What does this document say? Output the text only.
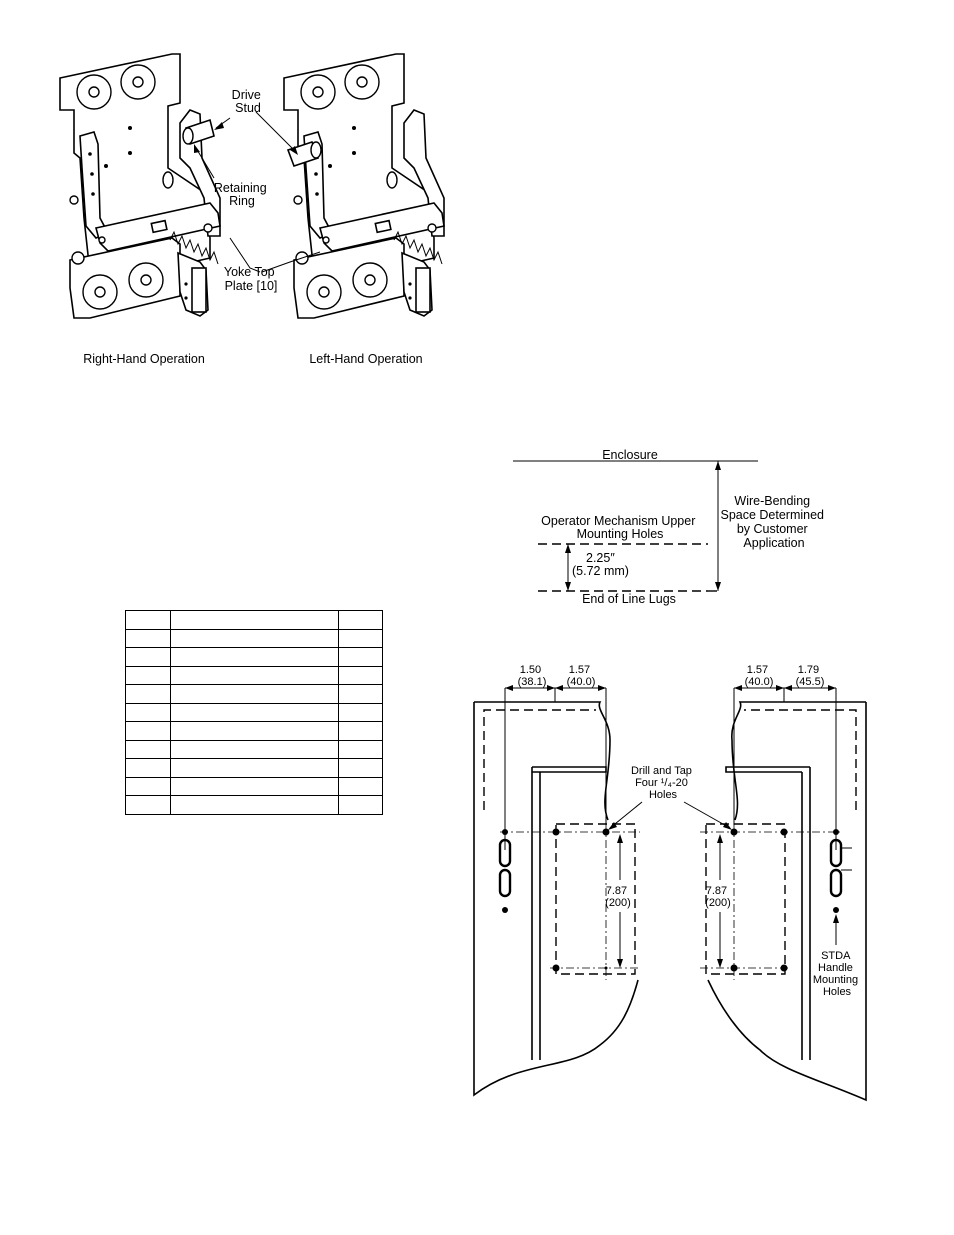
Drive Stud
Retaining Ring
Yoke Top Plate [10]
Right-Hand Operation	Left-Hand Operation
Enclosure
Operator Mechanism Upper Mounting Holes
2.25″ (5.72 mm)
End of Line Lugs
Wire-Bending Space Determined by Customer Application

1.50 (38.1)
1.57 (40.0)
1.57 (40.0)
1.79 (45.5)
7.87 (200)
7.87 (200)
Drill and Tap Four ¹/₄-20 Holes
STDA Handle Mounting Holes
